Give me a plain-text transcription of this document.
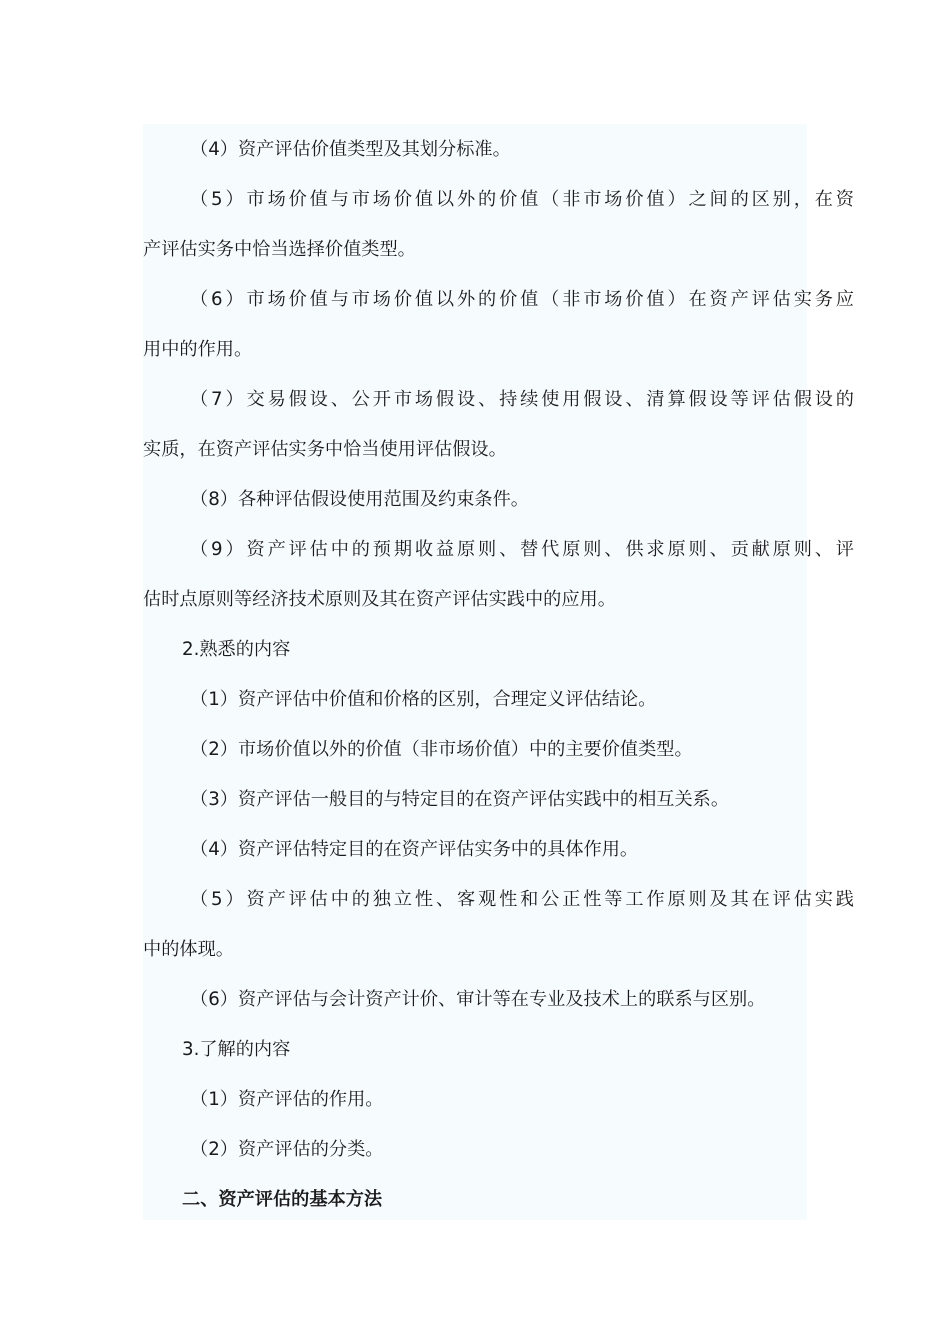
（4）资产评估价值类型及其划分标准。
（5）市场价值与市场价值以外的价值（非市场价值）之间的区别，在资
产评估实务中恰当选择价值类型。
（6）市场价值与市场价值以外的价值（非市场价值）在资产评估实务应
用中的作用。
（7）交易假设、公开市场假设、持续使用假设、清算假设等评估假设的
实质，在资产评估实务中恰当使用评估假设。
（8）各种评估假设使用范围及约束条件。
（9）资产评估中的预期收益原则、替代原则、供求原则、贡献原则、评
估时点原则等经济技术原则及其在资产评估实践中的应用。
2.熟悉的内容
（1）资产评估中价值和价格的区别，合理定义评估结论。
（2）市场价值以外的价值（非市场价值）中的主要价值类型。
（3）资产评估一般目的与特定目的在资产评估实践中的相互关系。
（4）资产评估特定目的在资产评估实务中的具体作用。
（5）资产评估中的独立性、客观性和公正性等工作原则及其在评估实践
中的体现。
（6）资产评估与会计资产计价、审计等在专业及技术上的联系与区别。
3.了解的内容
（1）资产评估的作用。
（2）资产评估的分类。
二、资产评估的基本方法
